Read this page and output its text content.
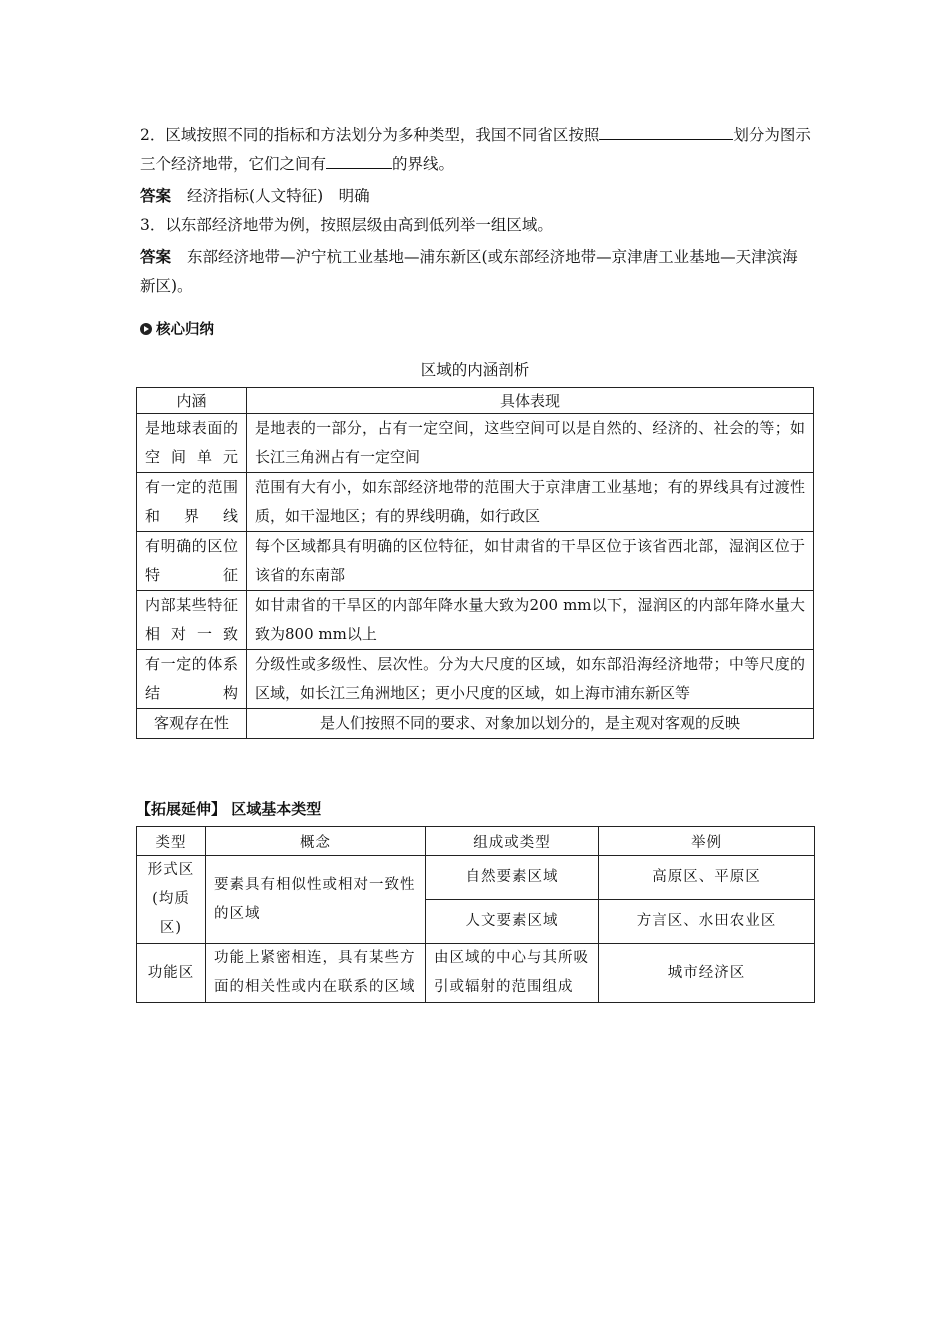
2．区域按照不同的指标和方法划分为多种类型，我国不同省区按照	划分为图示三个经济地带，它们之间有	的界线。
答案 经济指标(人文特征)　明确
3．以东部经济地带为例，按照层级由高到低列举一组区域。
答案 东部经济地带—沪宁杭工业基地—浦东新区(或东部经济地带—京津唐工业基地—天津滨海新区)。
核心归纳
区域的内涵剖析
内涵	具体表现
是地球表面的空间单元	是地表的一部分，占有一定空间，这些空间可以是自然的、经济的、社会的等；如长江三角洲占有一定空间
有一定的范围和界线	范围有大有小，如东部经济地带的范围大于京津唐工业基地；有的界线具有过渡性质，如干湿地区；有的界线明确，如行政区
有明确的区位特征	每个区域都具有明确的区位特征，如甘肃省的干旱区位于该省西北部，湿润区位于该省的东南部
内部某些特征相对一致	如甘肃省的干旱区的内部年降水量大致为200 mm以下，湿润区的内部年降水量大致为800 mm以上
有一定的体系结构	分级性或多级性、层次性。分为大尺度的区域，如东部沿海经济地带；中等尺度的区域，如长江三角洲地区；更小尺度的区域，如上海市浦东新区等
客观存在性	是人们按照不同的要求、对象加以划分的，是主观对客观的反映
【拓展延伸】 区域基本类型
类型	概念	组成或类型	举例
形式区(均质区)	要素具有相似性或相对一致性的区域	自然要素区域	高原区、平原区
		人文要素区域	方言区、水田农业区
功能区	功能上紧密相连，具有某些方面的相关性或内在联系的区域	由区域的中心与其所吸引或辐射的范围组成	城市经济区
